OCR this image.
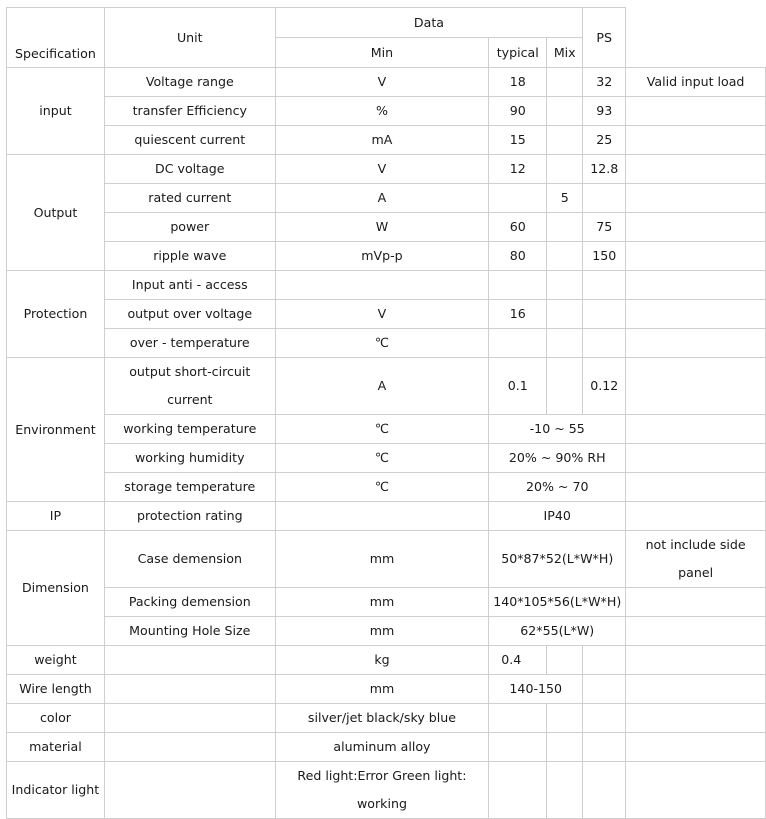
Specification	Unit	Data			PS	
		Min	typical	Mix		
input	Voltage range	V	18		32	Valid input load
	transfer Efficiency	%	90		93	
	quiescent current	mA	15		25	
Output	DC voltage	V	12		12.8	
	rated current	A		5		
	power	W	60		75	
	ripple wave	mVp-p	80		150	
Protection	Input anti - access					
	output over voltage	V	16			
	over - temperature	℃				
Environment	output short-circuit current	A	0.1		0.12	
	working temperature	℃	-10 ~ 55			
	working humidity	℃	20% ~ 90% RH			
	storage temperature	℃	20% ~ 70			
IP	protection rating		IP40			
Dimension	Case demension	mm	50*87*52(L*W*H)			not include side panel
	Packing demension	mm	140*105*56(L*W*H)			
	Mounting Hole Size	mm	62*55(L*W)			
weight		kg	0.4			
Wire length		mm	140-150			
color		silver/jet black/sky blue				
material		aluminum alloy				
Indicator light		Red light:Error Green light: working				
